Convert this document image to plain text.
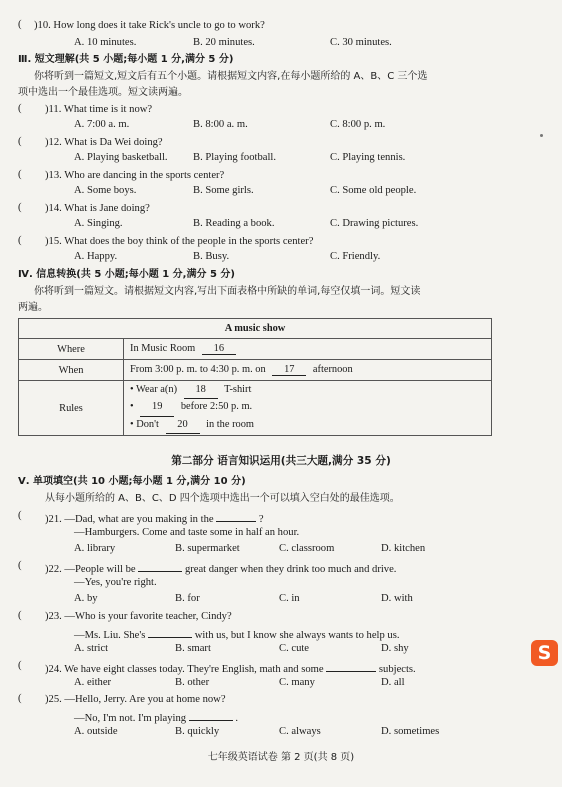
( )10. How long does it take Rick's uncle to go to work?
A. 10 minutes.	B. 20 minutes.	C. 30 minutes.
Ⅲ. 短文理解(共 5 小题;每小题 1 分,满分 5 分)
你将听到一篇短文,短文后有五个小题。请根据短文内容,在每小题所给的 A、B、C 三个选
项中选出一个最佳选项。短文读两遍。
( )11. What time is it now?
A. 7:00 a. m.	B. 8:00 a. m.	C. 8:00 p. m.
( )12. What is Da Wei doing?
A. Playing basketball. B. Playing football.	C. Playing tennis.
( )13. Who are dancing in the sports center?
A. Some boys.	B. Some girls.	C. Some old people.
( )14. What is Jane doing?
A. Singing.	B. Reading a book.	C. Drawing pictures.
( )15. What does the boy think of the people in the sports center?
A. Happy.	B. Busy.	C. Friendly.
Ⅳ. 信息转换(共 5 小题;每小题 1 分,满分 5 分)
你将听到一篇短文。请根据短文内容,写出下面表格中所缺的单词,每空仅填一词。短文读
两遍。
A music show	
Where	In Music Room 16
When	From 3:00 p. m. to 4:30 p. m. on 17 afternoon
Rules	• Wear a(n) 18 T-shirt
• 19 before 2:50 p. m.
• Don't 20 in the room
第二部分 语言知识运用(共三大题,满分 35 分)
Ⅴ. 单项填空(共 10 小题;每小题 1 分,满分 10 分)
从每小题所给的 A、B、C、D 四个选项中选出一个可以填入空白处的最佳选项。
( )21. —Dad, what are you making in the	?
—Hamburgers. Come and taste some in half an hour.
A. library	B. supermarket	C. classroom	D. kitchen
( )22. —People will be	great danger when they drink too much and drive.
—Yes, you're right.
A. by	B. for	C. in	D. with
( )23. —Who is your favorite teacher, Cindy?
—Ms. Liu. She's	with us, but I know she always wants to help us.
A. strict	B. smart	C. cute	D. shy
( )24. We have eight classes today. They're English, math and some	subjects.
A. either	B. other	C. many	D. all
( )25. —Hello, Jerry. Are you at home now?
—No, I'm not. I'm playing	.
A. outside	B. quickly	C. always	D. sometimes
七年级英语试卷 第 2 页(共 8 页)
S
